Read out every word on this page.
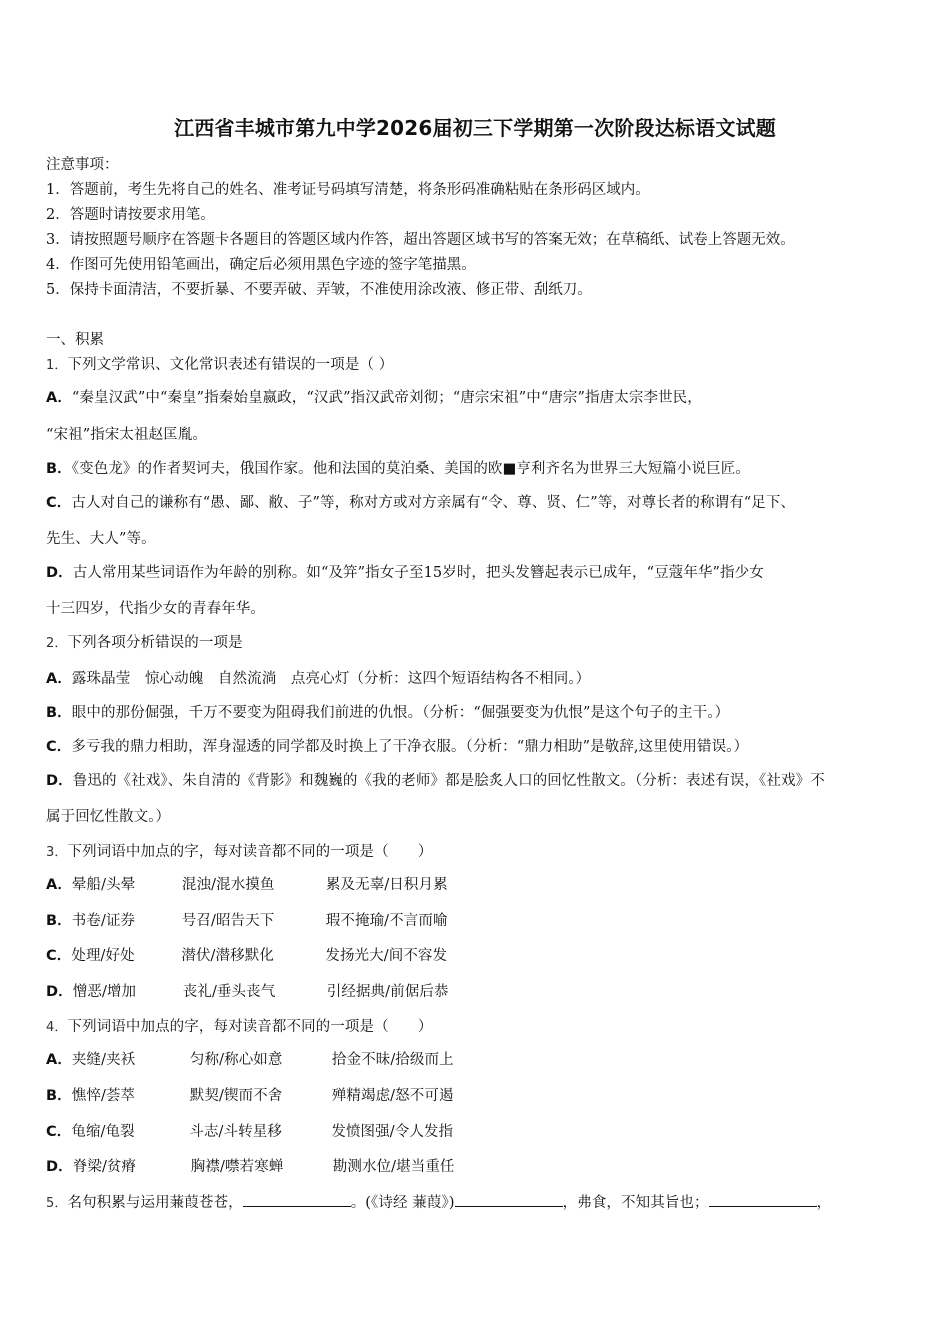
江西省丰城市第九中学2026届初三下学期第一次阶段达标语文试题
注意事项：
1．答题前，考生先将自己的姓名、准考证号码填写清楚，将条形码准确粘贴在条形码区域内。
2．答题时请按要求用笔。
3．请按照题号顺序在答题卡各题目的答题区域内作答，超出答题区域书写的答案无效；在草稿纸、试卷上答题无效。
4．作图可先使用铅笔画出，确定后必须用黑色字迹的签字笔描黑。
5．保持卡面清洁，不要折暴、不要弄破、弄皱，不准使用涂改液、修正带、刮纸刀。
一、积累
1．下列文学常识、文化常识表述有错误的一项是（ ）
A．“秦皇汉武”中“秦皇”指秦始皇嬴政，“汉武”指汉武帝刘彻；“唐宗宋祖”中“唐宗”指唐太宗李世民，
“宋祖”指宋太祖赵匡胤。
B．《变色龙》的作者契诃夫，俄国作家。他和法国的莫泊桑、美国的欧■亨利齐名为世界三大短篇小说巨匠。
C．古人对自己的谦称有“愚、鄙、敝、子”等，称对方或对方亲属有“令、尊、贤、仁”等，对尊长者的称谓有“足下、
先生、大人”等。
D．古人常用某些词语作为年龄的别称。如“及笄”指女子至15岁时，把头发簪起表示已成年，“豆蔻年华”指少女
十三四岁，代指少女的青春年华。
2．下列各项分析错误的一项是
A．露珠晶莹　惊心动魄　自然流淌　点亮心灯（分析：这四个短语结构各不相同。）
B．眼中的那份倔强，千万不要变为阻碍我们前进的仇恨。（分析：“倔强要变为仇恨”是这个句子的主干。）
C．多亏我的鼎力相助，浑身湿透的同学都及时换上了干净衣服。（分析：“鼎力相助”是敬辞,这里使用错误。）
D．鲁迅的《社戏》、朱自清的《背影》和魏巍的《我的老师》都是脍炙人口的回忆性散文。（分析：表述有误，《社戏》不
属于回忆性散文。）
3．下列词语中加点的字，每对读音都不同的一项是（　　）
A．晕船/头晕	混浊/混水摸鱼	累及无辜/日积月累
B．书卷/证券	号召/昭告天下	瑕不掩瑜/不言而喻
C．处理/好处	潜伏/潜移默化	发扬光大/间不容发
D．憎恶/增加	丧礼/垂头丧气	引经据典/前倨后恭
4．下列词语中加点的字，每对读音都不同的一项是（　　）
A．夹缝/夹袄	匀称/称心如意	拾金不昧/拾级而上
B．憔悴/荟萃	默契/锲而不舍	殚精竭虑/怒不可遏
C．龟缩/龟裂	斗志/斗转星移	发愤图强/令人发指
D．脊梁/贫瘠	胸襟/噤若寒蝉	勘测水位/堪当重任
5．名句积累与运用蒹葭苍苍，	。(《诗经 蒹葭》)	，弗食，不知其旨也；	，
